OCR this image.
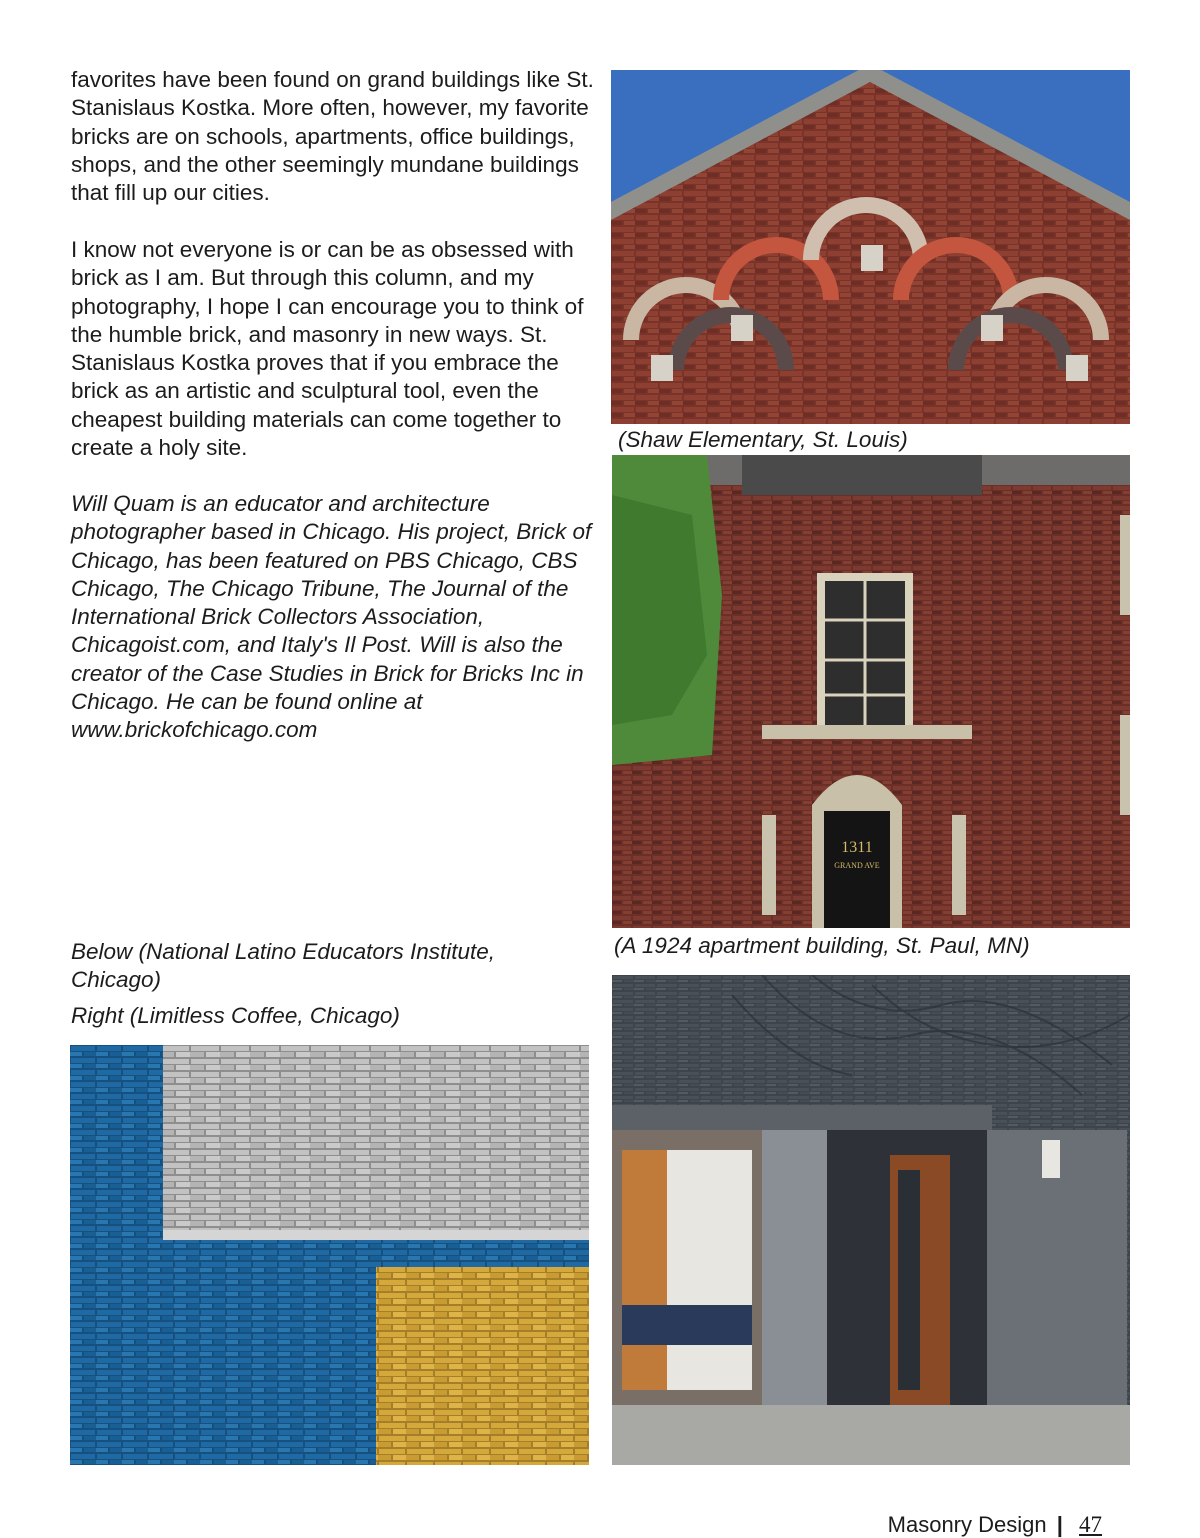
favorites have been found on grand buildings like St. Stanislaus Kostka. More often, however, my favorite bricks are on schools, apartments, office buildings, shops, and the other seemingly mundane buildings that fill up our cities.

I know not everyone is or can be as obsessed with brick as I am. But through this column, and my photography, I hope I can encourage you to think of the humble brick, and masonry in new ways. St. Stanislaus Kostka proves that if you embrace the brick as an artistic and sculptural tool, even the cheapest building materials can come together to create a holy site.

Will Quam is an educator and architecture photographer based in Chicago. His project, Brick of Chicago, has been featured on PBS Chicago, CBS Chicago, The Chicago Tribune, The Journal of the International Brick Collectors Association, Chicagoist.com, and Italy's Il Post. Will is also the creator of the Case Studies in Brick for Bricks Inc in Chicago. He can be found online at www.brickofchicago.com

Below (National Latino Educators Institute, Chicago)

Right (Limitless Coffee, Chicago)

(Shaw Elementary, St. Louis)

(A 1924 apartment building, St. Paul, MN)

1311
GRAND AVE
Masonry Design | 47
